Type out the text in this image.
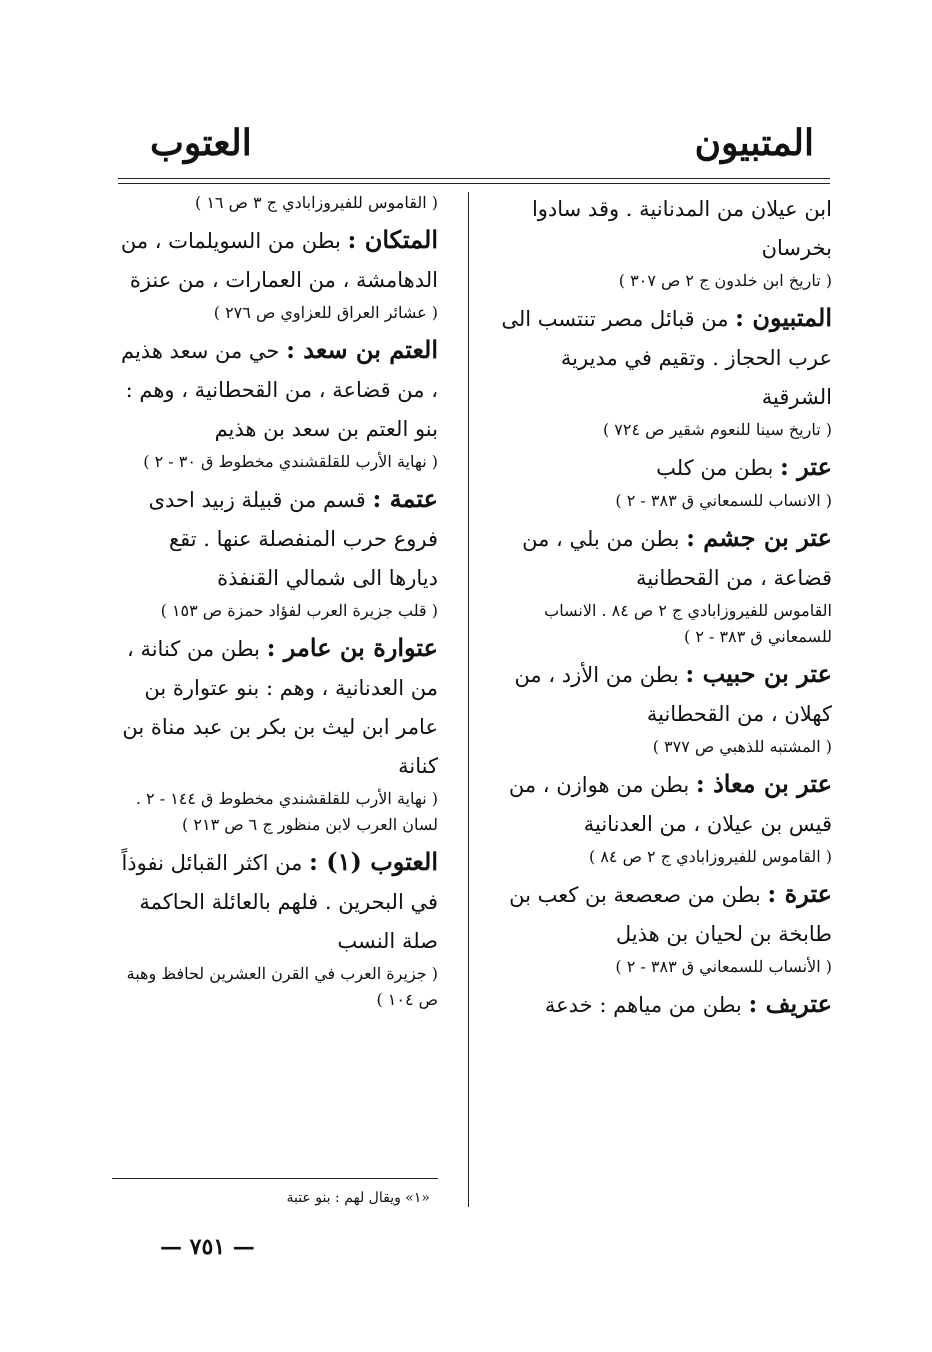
المتبيون
العتوب

ابن عيلان من المدنانية . وقد سادوا بخرسان

( تاريخ ابن خلدون ج ٢ ص ٣٠٧ )

المتبيون : من قبائل مصر تنتسب الى عرب الحجاز . وتقيم في مديرية الشرقية

( تاريخ سينا للنعوم شقير ص ٧٢٤ )

عتر : بطن من كلب

( الانساب للسمعاني ق ٣٨٣ - ٢ )

عتر بن جشم : بطن من بلي ، من قضاعة ، من القحطانية

القاموس للفيروزابادي ج ٢ ص ٨٤ . الانساب للسمعاني ق ٣٨٣ - ٢ )

عتر بن حبيب : بطن من الأزد ، من كهلان ، من القحطانية

( المشتبه للذهبي ص ٣٧٧ )

عتر بن معاذ : بطن من هوازن ، من قيس بن عيلان ، من العدنانية

( القاموس للفيروزابادي ج ٢ ص ٨٤ )

عترة : بطن من صعصعة بن كعب بن طابخة بن لحيان بن هذيل

( الأنساب للسمعاني ق ٣٨٣ - ٢ )

عتريف : بطن من مياهم : خدعة

( القاموس للفيروزابادي ج ٣ ص ١٦ )

المتكان : بطن من السويلمات ، من الدهامشة ، من العمارات ، من عنزة

( عشائر العراق للعزاوي ص ٢٧٦ )

العتم بن سعد : حي من سعد هذيم ، من قضاعة ، من القحطانية ، وهم : بنو العتم بن سعد بن هذيم

( نهاية الأرب للقلقشندي مخطوط ق ٣٠ - ٢ )

عتمة : قسم من قبيلة زبيد احدى فروع حرب المنفصلة عنها . تقع ديارها الى شمالي القنفذة

( قلب جزيرة العرب لفؤاد حمزة ص ١٥٣ )

عتوارة بن عامر : بطن من كنانة ، من العدنانية ، وهم : بنو عتوارة بن عامر ابن ليث بن بكر بن عبد مناة بن كنانة

( نهاية الأرب للقلقشندي مخطوط ق ١٤٤ - ٢ . لسان العرب لابن منظور ج ٦ ص ٢١٣ )

العتوب (١) : من اكثر القبائل نفوذاً في البحرين . فلهم بالعائلة الحاكمة صلة النسب

( جزيرة العرب في القرن العشرين لحافظ وهبة ص ١٠٤ )

«١» ويقال لهم : بنو عتبة
— ٧٥١ —
